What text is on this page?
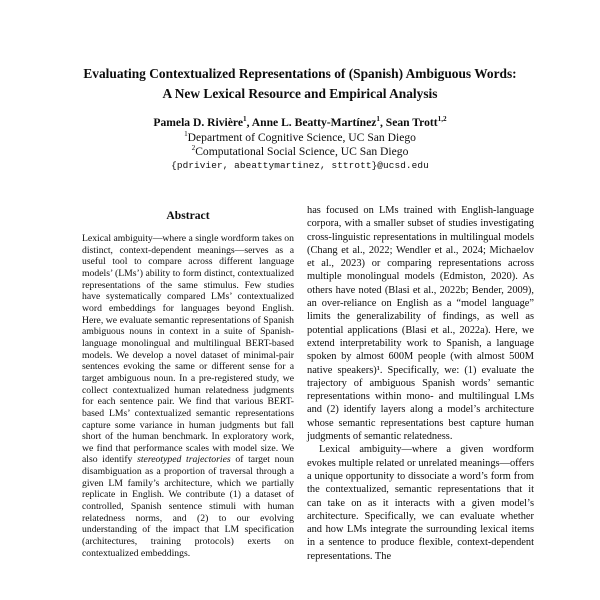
Evaluating Contextualized Representations of (Spanish) Ambiguous Words:
A New Lexical Resource and Empirical Analysis
Pamela D. Rivière$^1$, Anne L. Beatty-Martínez$^1$, Sean Trott$^{1,2}$
$^1$Department of Cognitive Science, UC San Diego
$^2$Computational Social Science, UC San Diego
{pdrivier, abeattymartinez, sttrott}@ucsd.edu
Abstract
Lexical ambiguity—where a single wordform takes on distinct, context-dependent meanings—serves as a useful tool to compare across different language models’ (LMs’) ability to form distinct, contextualized representations of the same stimulus. Few studies have systematically compared LMs’ contextualized word embeddings for languages beyond English. Here, we evaluate semantic representations of Spanish ambiguous nouns in context in a suite of Spanish-language monolingual and multilingual BERT-based models. We develop a novel dataset of minimal-pair sentences evoking the same or different sense for a target ambiguous noun. In a pre-registered study, we collect contextualized human relatedness judgments for each sentence pair. We find that various BERT-based LMs’ contextualized semantic representations capture some variance in human judgments but fall short of the human benchmark. In exploratory work, we find that performance scales with model size. We also identify stereotyped trajectories of target noun disambiguation as a proportion of traversal through a given LM family’s architecture, which we partially replicate in English. We contribute (1) a dataset of controlled, Spanish sentence stimuli with human relatedness norms, and (2) to our evolving understanding of the impact that LM specification (architectures, training protocols) exerts on contextualized embeddings.

has focused on LMs trained with English-language corpora, with a smaller subset of studies investigating cross-linguistic representations in multilingual models (Chang et al., 2022; Wendler et al., 2024; Michaelov et al., 2023) or comparing representations across multiple monolingual models (Edmiston, 2020). As others have noted (Blasi et al., 2022b; Bender, 2009), an over-reliance on English as a “model language” limits the generalizability of findings, as well as potential applications (Blasi et al., 2022a). Here, we extend interpretability work to Spanish, a language spoken by almost 600M people (with almost 500M native speakers)¹. Specifically, we: (1) evaluate the trajectory of ambiguous Spanish words’ semantic representations within mono- and multilingual LMs and (2) identify layers along a model’s architecture whose semantic representations best capture human judgments of semantic relatedness.

Lexical ambiguity—where a given wordform evokes multiple related or unrelated meanings—offers a unique opportunity to dissociate a word’s form from the contextualized, semantic representations that it can take on as it interacts with a given model’s architecture. Specifically, we can evaluate whether and how LMs integrate the surrounding lexical items in a sentence to produce flexible, context-dependent representations. The
